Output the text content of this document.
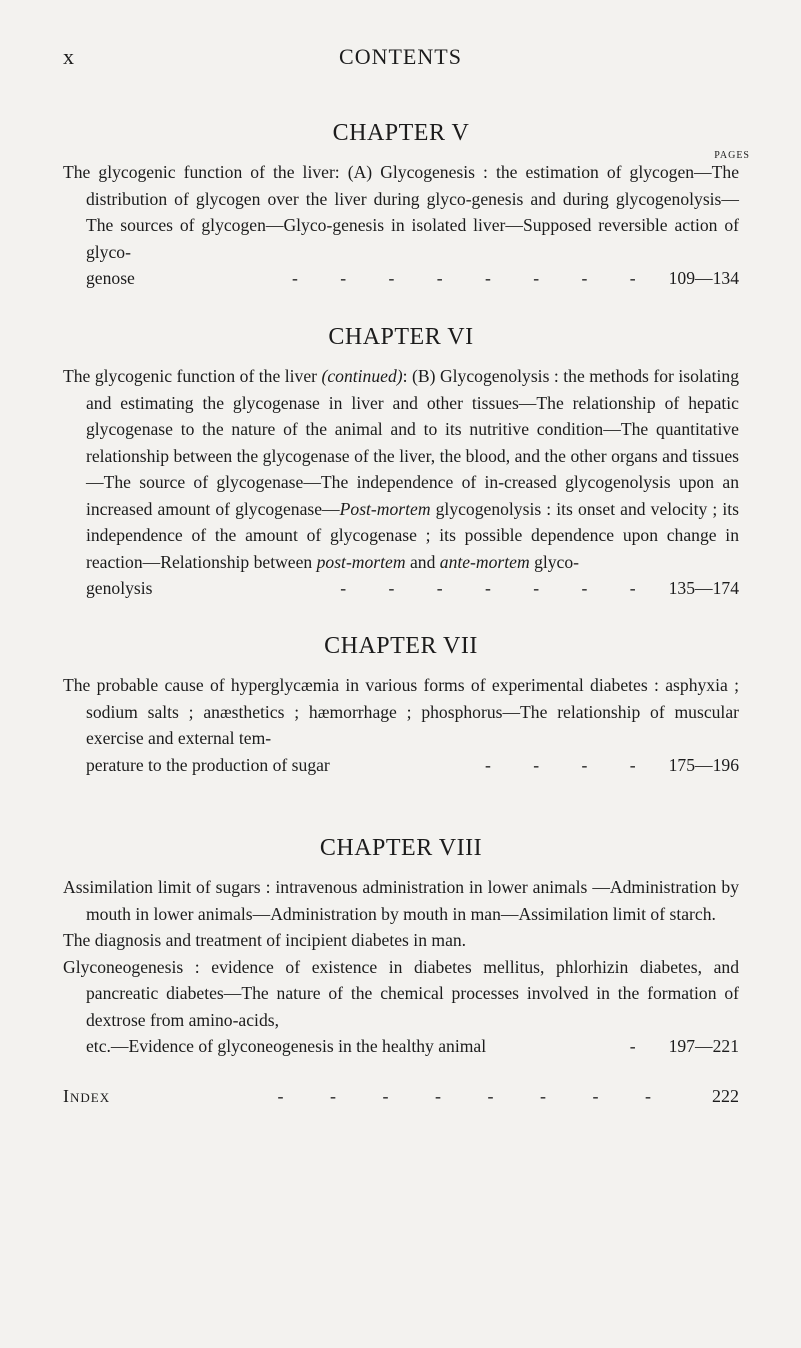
x	CONTENTS
CHAPTER V
PAGES

The glycogenic function of the liver: (A) Glycogenesis : the estimation of glycogen—The distribution of glycogen over the liver during glyco-genesis and during glycogenolysis—The sources of glycogen—Glyco-genesis in isolated liver—Supposed reversible action of glyco-

genose	- - - - - - - - 109—134
CHAPTER VI

The glycogenic function of the liver (continued): (B) Glycogenolysis : the methods for isolating and estimating the glycogenase in liver and other tissues—The relationship of hepatic glycogenase to the nature of the animal and to its nutritive condition—The quantitative relationship between the glycogenase of the liver, the blood, and the other organs and tissues—The source of glycogenase—The independence of in-creased glycogenolysis upon an increased amount of glycogenase—Post-mortem glycogenolysis : its onset and velocity ; its independence of the amount of glycogenase ; its possible dependence upon change in reaction—Relationship between post-mortem and ante-mortem glyco-

genolysis	- - - - - - - 135—174
CHAPTER VII

The probable cause of hyperglycæmia in various forms of experimental diabetes : asphyxia ; sodium salts ; anæsthetics ; hæmorrhage ; phosphorus—The relationship of muscular exercise and external tem-

perature to the production of sugar	- - - - 175—196
CHAPTER VIII

Assimilation limit of sugars : intravenous administration in lower animals —Administration by mouth in lower animals—Administration by mouth in man—Assimilation limit of starch.

The diagnosis and treatment of incipient diabetes in man.

Glyconeogenesis : evidence of existence in diabetes mellitus, phlorhizin diabetes, and pancreatic diabetes—The nature of the chemical processes involved in the formation of dextrose from amino-acids,

etc.—Evidence of glyconeogenesis in the healthy animal	- 197—221
Index	- - - - - - - -	222
